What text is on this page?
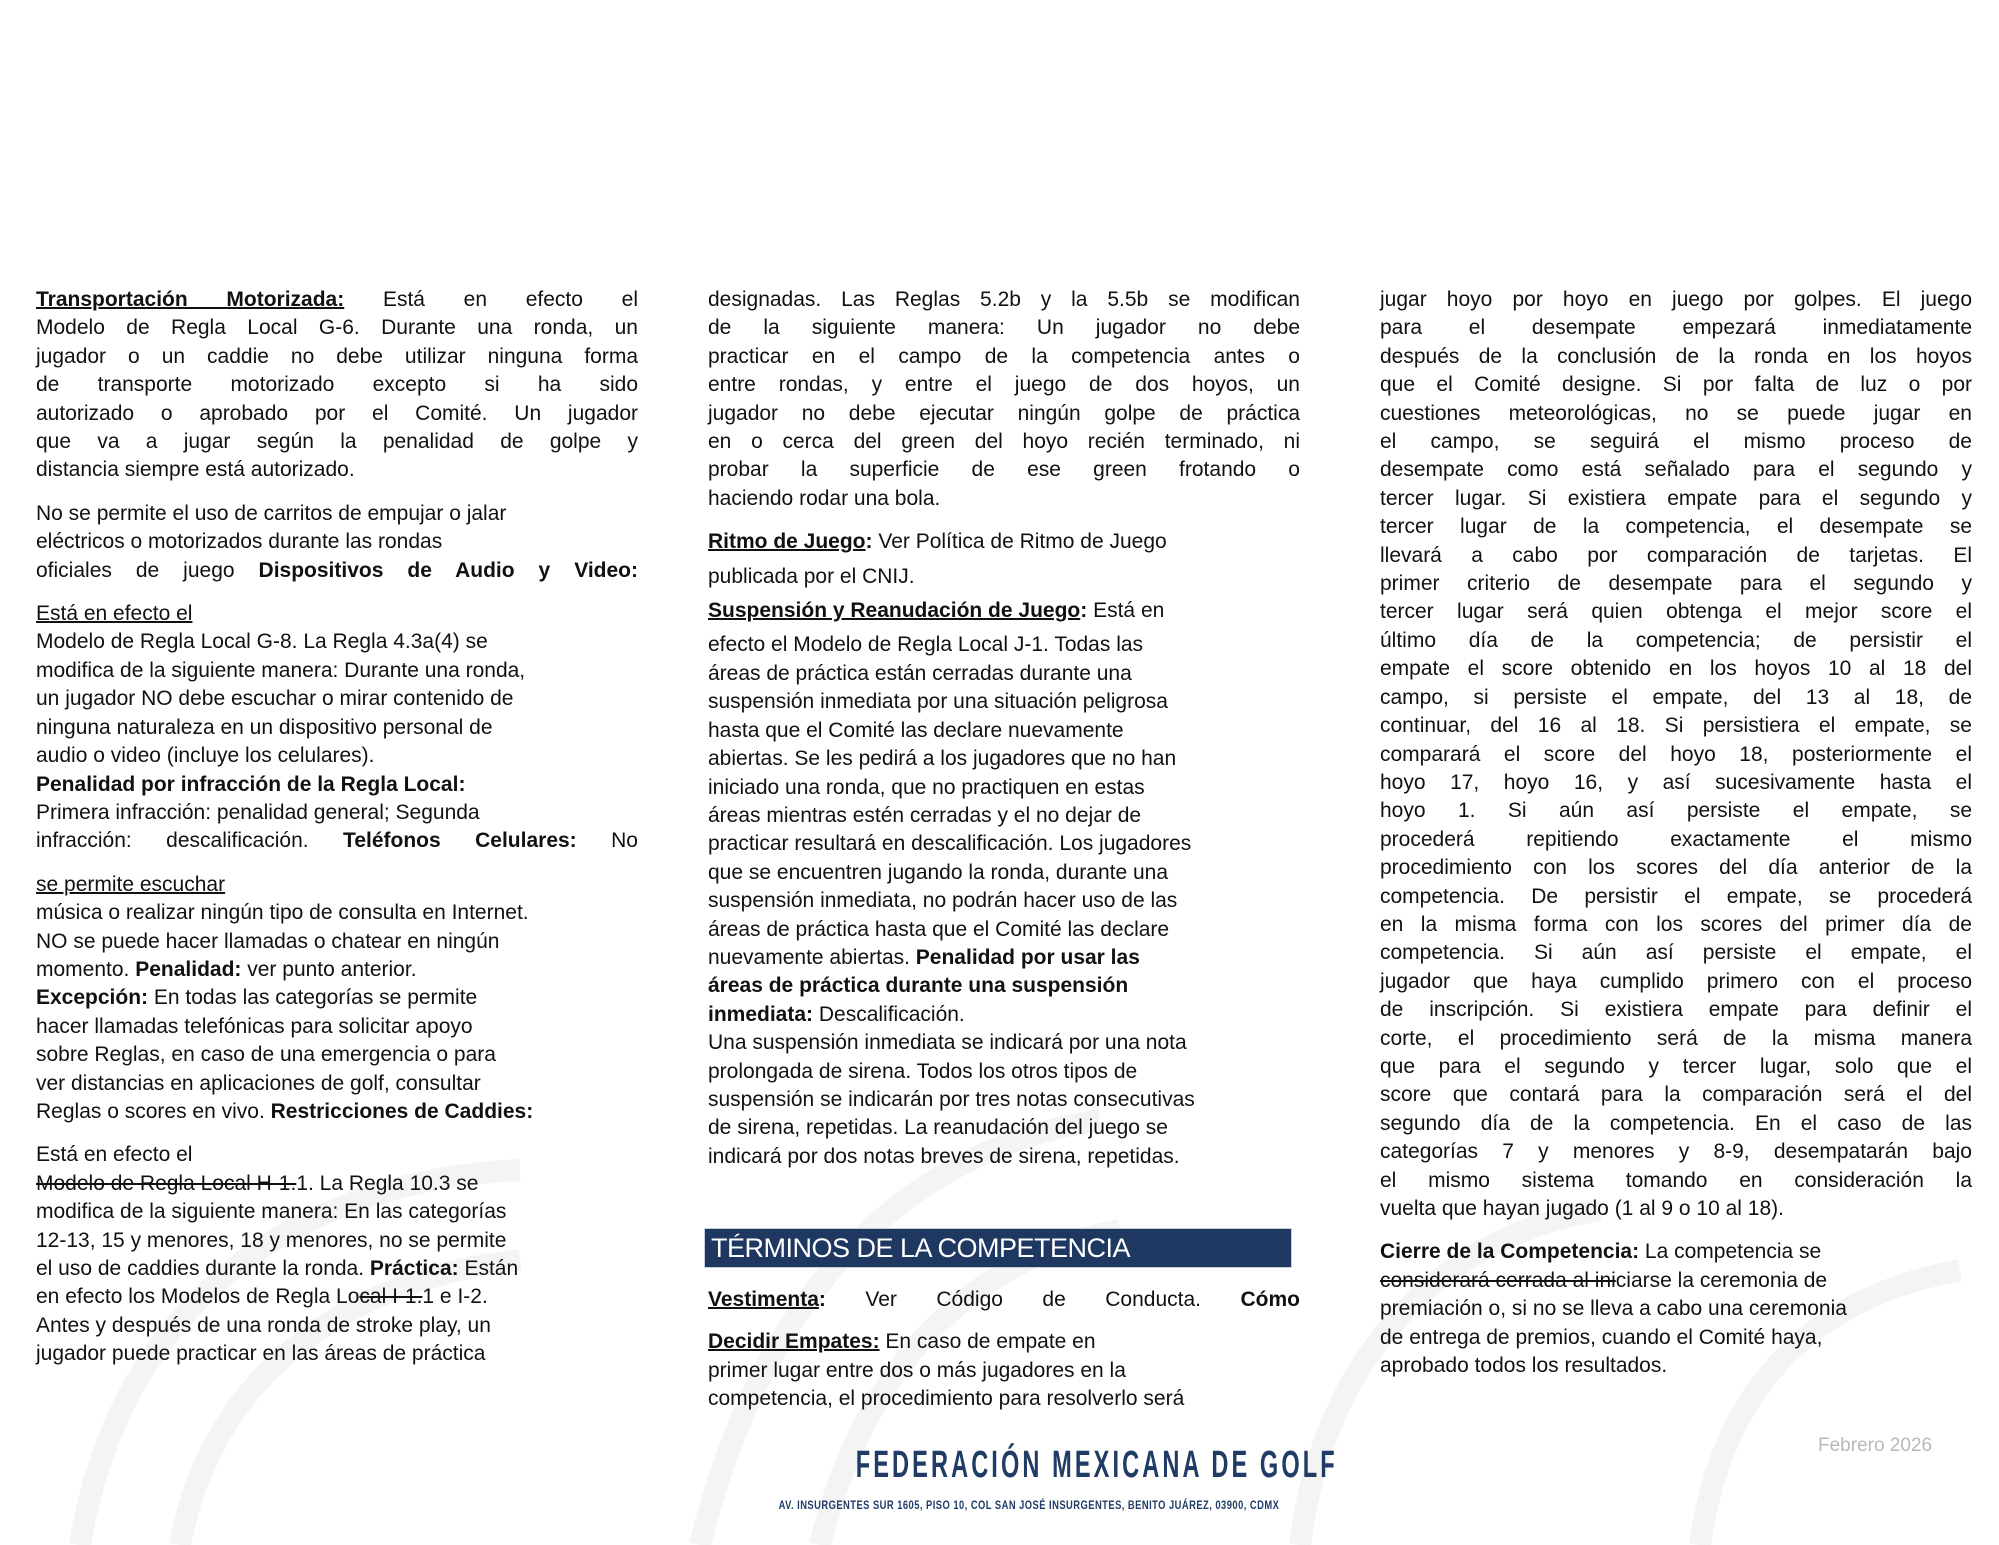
Transportación Motorizada: Está en efecto el
Modelo de Regla Local G-6. Durante una ronda, un
jugador o un caddie no debe utilizar ninguna forma
de transporte motorizado excepto si ha sido
autorizado o aprobado por el Comité. Un jugador
que va a jugar según la penalidad de golpe y
distancia siempre está autorizado.
No se permite el uso de carritos de empujar o jalar
eléctricos o motorizados durante las rondas
oficiales de juego Dispositivos de Audio y Video:
Está en efecto el
Modelo de Regla Local G-8. La Regla 4.3a(4) se
modifica de la siguiente manera: Durante una ronda,
un jugador NO debe escuchar o mirar contenido de
ninguna naturaleza en un dispositivo personal de
audio o video (incluye los celulares).
Penalidad por infracción de la Regla Local:
Primera infracción: penalidad general; Segunda
infracción: descalificación. Teléfonos Celulares: No
se permite escuchar
música o realizar ningún tipo de consulta en Internet.
NO se puede hacer llamadas o chatear en ningún
momento. Penalidad: ver punto anterior.
Excepción: En todas las categorías se permite
hacer llamadas telefónicas para solicitar apoyo
sobre Reglas, en caso de una emergencia o para
ver distancias en aplicaciones de golf, consultar
Reglas o scores en vivo. Restricciones de Caddies:
Está en efecto el
Modelo de Regla Local H-1.1. La Regla 10.3 se
modifica de la siguiente manera: En las categorías
12-13, 15 y menores, 18 y menores, no se permite
el uso de caddies durante la ronda. Práctica: Están
en efecto los Modelos de Regla Local I-1.1 e I-2.
Antes y después de una ronda de stroke play, un
jugador puede practicar en las áreas de práctica
designadas. Las Reglas 5.2b y la 5.5b se modifican
de la siguiente manera: Un jugador no debe
practicar en el campo de la competencia antes o
entre rondas, y entre el juego de dos hoyos, un
jugador no debe ejecutar ningún golpe de práctica
en o cerca del green del hoyo recién terminado, ni
probar la superficie de ese green frotando o
haciendo rodar una bola.
Ritmo de Juego: Ver Política de Ritmo de Juego
publicada por el CNIJ.
Suspensión y Reanudación de Juego: Está en
efecto el Modelo de Regla Local J-1. Todas las
áreas de práctica están cerradas durante una
suspensión inmediata por una situación peligrosa
hasta que el Comité las declare nuevamente
abiertas. Se les pedirá a los jugadores que no han
iniciado una ronda, que no practiquen en estas
áreas mientras estén cerradas y el no dejar de
practicar resultará en descalificación. Los jugadores
que se encuentren jugando la ronda, durante una
suspensión inmediata, no podrán hacer uso de las
áreas de práctica hasta que el Comité las declare
nuevamente abiertas. Penalidad por usar las
áreas de práctica durante una suspensión
inmediata: Descalificación.
Una suspensión inmediata se indicará por una nota
prolongada de sirena. Todos los otros tipos de
suspensión se indicarán por tres notas consecutivas
de sirena, repetidas. La reanudación del juego se
indicará por dos notas breves de sirena, repetidas.
jugar hoyo por hoyo en juego por golpes. El juego
para el desempate empezará inmediatamente
después de la conclusión de la ronda en los hoyos
que el Comité designe. Si por falta de luz o por
cuestiones meteorológicas, no se puede jugar en
el campo, se seguirá el mismo proceso de
desempate como está señalado para el segundo y
tercer lugar. Si existiera empate para el segundo y
tercer lugar de la competencia, el desempate se
llevará a cabo por comparación de tarjetas. El
primer criterio de desempate para el segundo y
tercer lugar será quien obtenga el mejor score el
último día de la competencia; de persistir el
empate el score obtenido en los hoyos 10 al 18 del
campo, si persiste el empate, del 13 al 18, de
continuar, del 16 al 18. Si persistiera el empate, se
comparará el score del hoyo 18, posteriormente el
hoyo 17, hoyo 16, y así sucesivamente hasta el
hoyo 1. Si aún así persiste el empate, se
procederá repitiendo exactamente el mismo
procedimiento con los scores del día anterior de la
competencia. De persistir el empate, se procederá
en la misma forma con los scores del primer día de
competencia. Si aún así persiste el empate, el
jugador que haya cumplido primero con el proceso
de inscripción. Si existiera empate para definir el
corte, el procedimiento será de la misma manera
que para el segundo y tercer lugar, solo que el
score que contará para la comparación será el del
segundo día de la competencia. En el caso de las
categorías 7 y menores y 8-9, desempatarán bajo
el mismo sistema tomando en consideración la
vuelta que hayan jugado (1 al 9 o 10 al 18).
Cierre de la Competencia: La competencia se
considerará cerrada al iniciarse la ceremonia de
premiación o, si no se lleva a cabo una ceremonia
de entrega de premios, cuando el Comité haya,
aprobado todos los resultados.
TÉRMINOS DE LA COMPETENCIA
Vestimenta: Ver Código de Conducta. Cómo
Decidir Empates: En caso de empate en
primer lugar entre dos o más jugadores en la
competencia, el procedimiento para resolverlo será
FEDERACIÓN MEXICANA DE GOLF
AV. INSURGENTES SUR 1605, PISO 10, COL SAN JOSÉ INSURGENTES, BENITO JUÁREZ, 03900, CDMX
Febrero 2026
